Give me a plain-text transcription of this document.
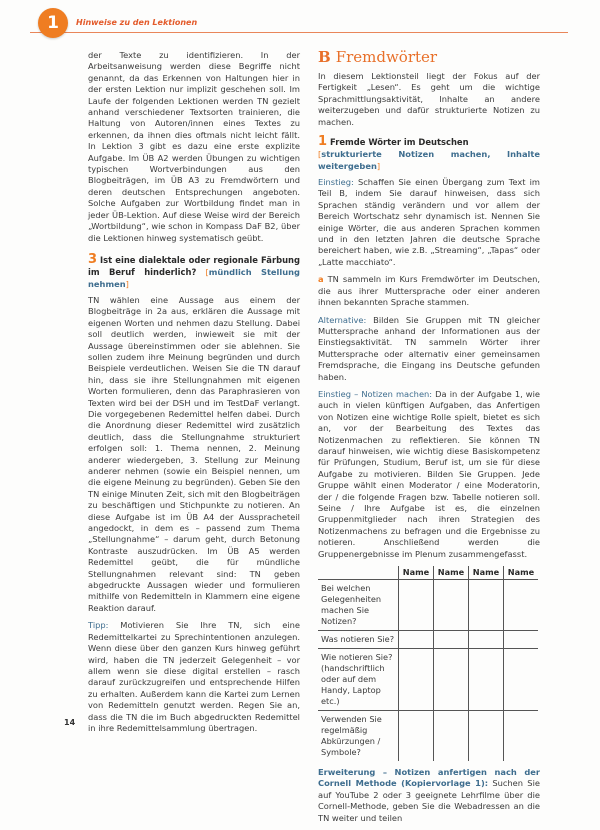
1	Hinweise zu den Lektionen

der Texte zu identifizieren. In der Arbeitsanweisung werden diese Begriffe nicht genannt, da das Erkennen von Haltungen hier in der ersten Lektion nur implizit geschehen soll. Im Laufe der folgenden Lektionen werden TN gezielt anhand verschiedener Textsorten trainieren, die Haltung von Autoren/innen eines Textes zu erkennen, da ihnen dies oftmals nicht leicht fällt. In Lektion 3 gibt es dazu eine erste explizite Aufgabe. Im ÜB A2 werden Übungen zu wichtigen typischen Wortverbindungen aus den Blogbeiträgen, im ÜB A3 zu Fremdwörtern und deren deutschen Entsprechungen angeboten. Solche Aufgaben zur Wortbildung findet man in jeder ÜB-Lektion. Auf diese Weise wird der Bereich „Wortbildung“, wie schon in Kompass DaF B2, über die Lektionen hinweg systematisch geübt.

3 Ist eine dialektale oder regionale Färbung im Beruf hinderlich? [mündlich Stellung nehmen]

TN wählen eine Aussage aus einem der Blogbeiträge in 2a aus, erklären die Aussage mit eigenen Worten und nehmen dazu Stellung. Dabei soll deutlich werden, inwieweit sie mit der Aussage übereinstimmen oder sie ablehnen. Sie sollen zudem ihre Meinung begründen und durch Beispiele verdeutlichen. Weisen Sie die TN darauf hin, dass sie ihre Stellungnahmen mit eigenen Worten formulieren, denn das Paraphrasieren von Texten wird bei der DSH und im TestDaF verlangt. Die vorgegebenen Redemittel helfen dabei. Durch die Anordnung dieser Redemittel wird zusätzlich deutlich, dass die Stellungnahme strukturiert erfolgen soll: 1. Thema nennen, 2. Meinung anderer wiedergeben, 3. Stellung zur Meinung anderer nehmen (sowie ein Beispiel nennen, um die eigene Meinung zu begründen). Geben Sie den TN einige Minuten Zeit, sich mit den Blogbeiträgen zu beschäftigen und Stichpunkte zu notieren. An diese Aufgabe ist im ÜB A4 der Ausspracheteil angedockt, in dem es – passend zum Thema „Stellungnahme“ – darum geht, durch Betonung Kontraste auszudrücken. Im ÜB A5 werden Redemittel geübt, die für mündliche Stellungnahmen relevant sind: TN geben abgedruckte Aussagen wieder und formulieren mithilfe von Redemitteln in Klammern eine eigene Reaktion darauf.

Tipp: Motivieren Sie Ihre TN, sich eine Redemittelkartei zu Sprechintentionen anzulegen. Wenn diese über den ganzen Kurs hinweg geführt wird, haben die TN jederzeit Gelegenheit – vor allem wenn sie diese digital erstellen – rasch darauf zurückzugreifen und entsprechende Hilfen zu erhalten. Außerdem kann die Kartei zum Lernen von Redemitteln genutzt werden. Regen Sie an, dass die TN die im Buch abgedruckten Redemittel in ihre Redemittelsammlung übertragen.

B Fremdwörter

In diesem Lektionsteil liegt der Fokus auf der Fertigkeit „Lesen“. Es geht um die wichtige Sprachmittlungsaktivität, Inhalte an andere weiterzugeben und dafür strukturierte Notizen zu machen.

1 Fremde Wörter im Deutschen
[strukturierte Notizen machen, Inhalte weitergeben]

Einstieg: Schaffen Sie einen Übergang zum Text im Teil B, indem Sie darauf hinweisen, dass sich Sprachen ständig verändern und vor allem der Bereich Wortschatz sehr dynamisch ist. Nennen Sie einige Wörter, die aus anderen Sprachen kommen und in den letzten Jahren die deutsche Sprache bereichert haben, wie z.B. „Streaming“, „Tapas“ oder „Latte macchiato“.

a TN sammeln im Kurs Fremdwörter im Deutschen, die aus ihrer Muttersprache oder einer anderen ihnen bekannten Sprache stammen.

Alternative: Bilden Sie Gruppen mit TN gleicher Muttersprache anhand der Informationen aus der Einstiegsaktivität. TN sammeln Wörter ihrer Muttersprache oder alternativ einer gemeinsamen Fremdsprache, die Eingang ins Deutsche gefunden haben.

Einstieg – Notizen machen: Da in der Aufgabe 1, wie auch in vielen künftigen Aufgaben, das Anfertigen von Notizen eine wichtige Rolle spielt, bietet es sich an, vor der Bearbeitung des Textes das Notizenmachen zu reflektieren. Sie können TN darauf hinweisen, wie wichtig diese Basiskompetenz für Prüfungen, Studium, Beruf ist, um sie für diese Aufgabe zu motivieren. Bilden Sie Gruppen. Jede Gruppe wählt einen Moderator / eine Moderatorin, der / die folgende Fragen bzw. Tabelle notieren soll. Seine / Ihre Aufgabe ist es, die einzelnen Gruppenmitglieder nach ihren Strategien des Notizenmachens zu befragen und die Ergebnisse zu notieren. Anschließend werden die Gruppenergebnisse im Plenum zusammengefasst.

	Name	Name	Name	Name
Bei welchen Gelegenheiten machen Sie Notizen?				
Was notieren Sie?				
Wie notieren Sie? (handschriftlich oder auf dem Handy, Laptop etc.)				
Verwenden Sie regelmäßig Abkürzungen / Symbole?				

Erweiterung – Notizen anfertigen nach der Cornell Methode (Kopiervorlage 1): Suchen Sie auf YouTube 2 oder 3 geeignete Lehrfilme über die Cornell-Methode, geben Sie die Webadressen an die TN weiter und teilen

14
